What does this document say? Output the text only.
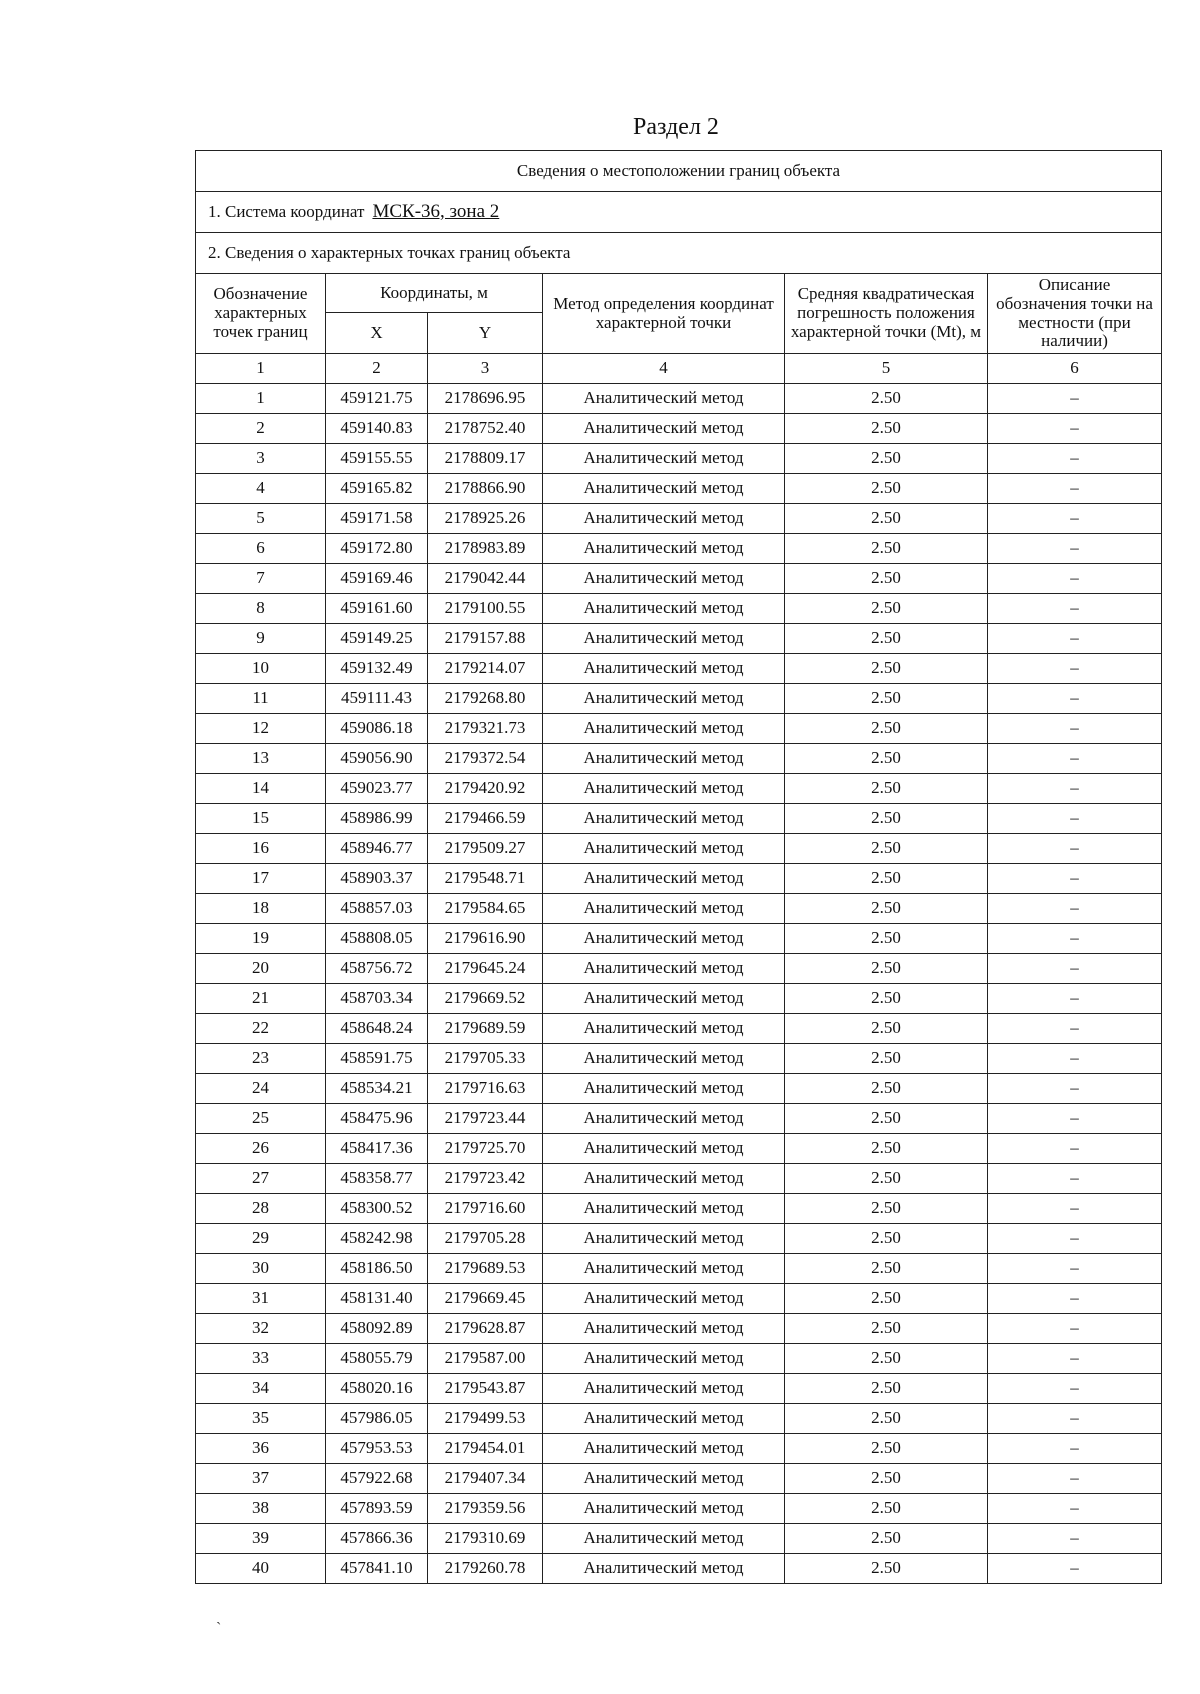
Раздел 2
Сведения о местоположении границ объекта					
1. Система координат МСК-36, зона 2					
2. Сведения о характерных точках границ объекта					
Обозначение характерных точек границ	Координаты, м		Метод определения координат характерной точки	Средняя квадратическая погрешность положения характерной точки (Mt), м	Описание обозначения точки на местности (при наличии)
	X	Y			
1	2	3	4	5	6
1	459121.75	2178696.95	Аналитический метод	2.50	–
2	459140.83	2178752.40	Аналитический метод	2.50	–
3	459155.55	2178809.17	Аналитический метод	2.50	–
4	459165.82	2178866.90	Аналитический метод	2.50	–
5	459171.58	2178925.26	Аналитический метод	2.50	–
6	459172.80	2178983.89	Аналитический метод	2.50	–
7	459169.46	2179042.44	Аналитический метод	2.50	–
8	459161.60	2179100.55	Аналитический метод	2.50	–
9	459149.25	2179157.88	Аналитический метод	2.50	–
10	459132.49	2179214.07	Аналитический метод	2.50	–
11	459111.43	2179268.80	Аналитический метод	2.50	–
12	459086.18	2179321.73	Аналитический метод	2.50	–
13	459056.90	2179372.54	Аналитический метод	2.50	–
14	459023.77	2179420.92	Аналитический метод	2.50	–
15	458986.99	2179466.59	Аналитический метод	2.50	–
16	458946.77	2179509.27	Аналитический метод	2.50	–
17	458903.37	2179548.71	Аналитический метод	2.50	–
18	458857.03	2179584.65	Аналитический метод	2.50	–
19	458808.05	2179616.90	Аналитический метод	2.50	–
20	458756.72	2179645.24	Аналитический метод	2.50	–
21	458703.34	2179669.52	Аналитический метод	2.50	–
22	458648.24	2179689.59	Аналитический метод	2.50	–
23	458591.75	2179705.33	Аналитический метод	2.50	–
24	458534.21	2179716.63	Аналитический метод	2.50	–
25	458475.96	2179723.44	Аналитический метод	2.50	–
26	458417.36	2179725.70	Аналитический метод	2.50	–
27	458358.77	2179723.42	Аналитический метод	2.50	–
28	458300.52	2179716.60	Аналитический метод	2.50	–
29	458242.98	2179705.28	Аналитический метод	2.50	–
30	458186.50	2179689.53	Аналитический метод	2.50	–
31	458131.40	2179669.45	Аналитический метод	2.50	–
32	458092.89	2179628.87	Аналитический метод	2.50	–
33	458055.79	2179587.00	Аналитический метод	2.50	–
34	458020.16	2179543.87	Аналитический метод	2.50	–
35	457986.05	2179499.53	Аналитический метод	2.50	–
36	457953.53	2179454.01	Аналитический метод	2.50	–
37	457922.68	2179407.34	Аналитический метод	2.50	–
38	457893.59	2179359.56	Аналитический метод	2.50	–
39	457866.36	2179310.69	Аналитический метод	2.50	–
40	457841.10	2179260.78	Аналитический метод	2.50	–
ˋ
